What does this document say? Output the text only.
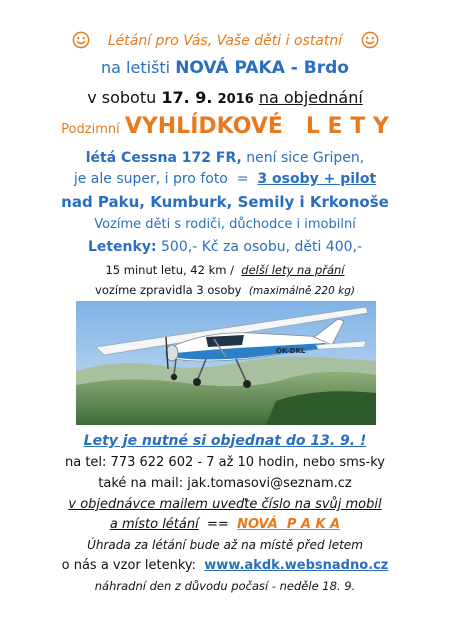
Létání pro Vás, Vaše děti i ostatní
na letišti NOVÁ PAKA - Brdo
v sobotu 17. 9. 2016 na objednání
Podzimní VYHLÍDKOVÉ   L E T Y
létá Cessna 172 FR, není sice Gripen,
je ale super, i pro foto  =  3 osoby + pilot
nad Paku, Kumburk, Semily i Krkonoše
Vozíme děti s rodiči, důchodce i imobilní
Letenky: 500,- Kč za osobu, děti 400,-
15 minut letu, 42 km /  delší lety na přání
vozíme zpravidla 3 osoby  (maximálně 220 kg)
OK-DKL
Lety je nutné si objednat do 13. 9. !
na tel: 773 622 602 - 7 až 10 hodin, nebo sms-ky
také na mail: jak.tomasovi@seznam.cz
v objednávce mailem uveďte číslo na svůj mobil
a místo létání  ==  NOVÁ  P A K A
Úhrada za létání bude až na místě před letem
o nás a vzor letenky:  www.akdk.websnadno.cz
náhradní den z důvodu počasí - neděle 18. 9.
